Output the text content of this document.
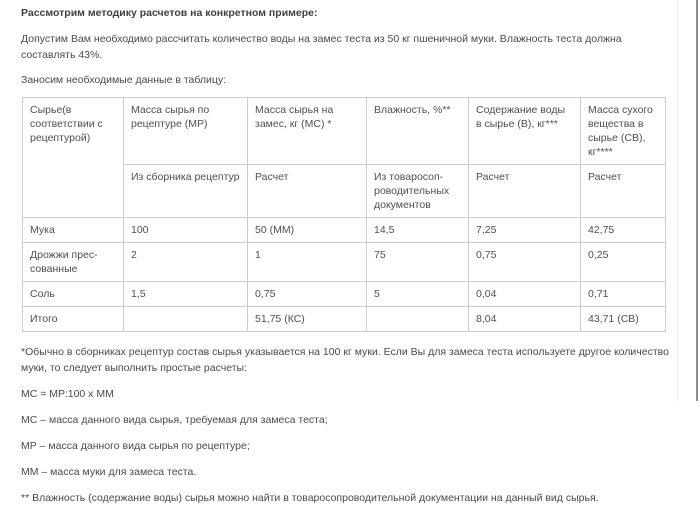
Рассмотрим методику расчетов на конкретном примере:

Допустим Вам необходимо рассчитать количество воды на замес теста из 50 кг пшеничной муки. Влажность теста должна составлять 43%.

Заносим необходимые данные в таблицу:

Сырье(в соответствии с рецептурой)	Масса сырья по рецептуре (МР)	Масса сырья на замес, кг (МС) *	Влажность, %**	Содержание воды в сырье (В), кг***	Масса сухого вещества в сырье (СВ), кг****
	Из сборника рецептур	Расчет	Из товаросоп-роводительных документов	Расчет	Расчет
Мука	100	50 (ММ)	14,5	7,25	42,75
Дрожжи прес-сованные	2	1	75	0,75	0,25
Соль	1,5	0,75	5	0,04	0,71
Итого		51,75 (КС)		8,04	43,71 (СВ)

*Обычно в сборниках рецептур состав сырья указывается на 100 кг муки. Если Вы для замеса теста используете другое количество муки, то следует выполнить простые расчеты:

МС = МР:100 х ММ

МС – масса данного вида сырья, требуемая для замеса теста;

МР – масса данного вида сырья по рецептуре;

ММ – масса муки для замеса теста.

** Влажность (содержание воды) сырья можно найти в товаросопроводительной документации на данный вид сырья.
